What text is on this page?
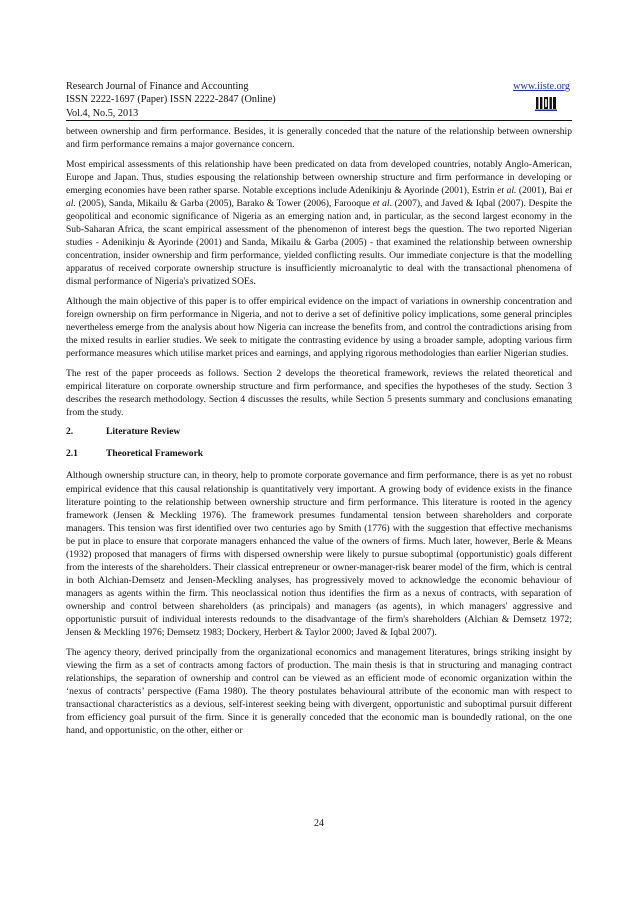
Research Journal of Finance and Accounting
ISSN 2222-1697 (Paper) ISSN 2222-2847 (Online)
Vol.4, No.5, 2013
www.iiste.org

between ownership and firm performance. Besides, it is generally conceded that the nature of the relationship between ownership and firm performance remains a major governance concern.

Most empirical assessments of this relationship have been predicated on data from developed countries, notably Anglo-American, Europe and Japan. Thus, studies espousing the relationship between ownership structure and firm performance in developing or emerging economies have been rather sparse. Notable exceptions include Adenikinju & Ayorinde (2001), Estrin et al. (2001), Bai et al. (2005), Sanda, Mikailu & Garba (2005), Barako & Tower (2006), Farooque et al. (2007), and Javed & Iqbal (2007). Despite the geopolitical and economic significance of Nigeria as an emerging nation and, in particular, as the second largest economy in the Sub-Saharan Africa, the scant empirical assessment of the phenomenon of interest begs the question. The two reported Nigerian studies - Adenikinju & Ayorinde (2001) and Sanda, Mikailu & Garba (2005) - that examined the relationship between ownership concentration, insider ownership and firm performance, yielded conflicting results. Our immediate conjecture is that the modelling apparatus of received corporate ownership structure is insufficiently microanalytic to deal with the transactional phenomena of dismal performance of Nigeria's privatized SOEs.

Although the main objective of this paper is to offer empirical evidence on the impact of variations in ownership concentration and foreign ownership on firm performance in Nigeria, and not to derive a set of definitive policy implications, some general principles nevertheless emerge from the analysis about how Nigeria can increase the benefits from, and control the contradictions arising from the mixed results in earlier studies. We seek to mitigate the contrasting evidence by using a broader sample, adopting various firm performance measures which utilise market prices and earnings, and applying rigorous methodologies than earlier Nigerian studies.

The rest of the paper proceeds as follows. Section 2 develops the theoretical framework, reviews the related theoretical and empirical literature on corporate ownership structure and firm performance, and specifies the hypotheses of the study. Section 3 describes the research methodology. Section 4 discusses the results, while Section 5 presents summary and conclusions emanating from the study.

2.	Literature Review
2.1	Theoretical Framework

Although ownership structure can, in theory, help to promote corporate governance and firm performance, there is as yet no robust empirical evidence that this causal relationship is quantitatively very important. A growing body of evidence exists in the finance literature pointing to the relationship between ownership structure and firm performance. This literature is rooted in the agency framework (Jensen & Meckling 1976). The framework presumes fundamental tension between shareholders and corporate managers. This tension was first identified over two centuries ago by Smith (1776) with the suggestion that effective mechanisms be put in place to ensure that corporate managers enhanced the value of the owners of firms. Much later, however, Berle & Means (1932) proposed that managers of firms with dispersed ownership were likely to pursue suboptimal (opportunistic) goals different from the interests of the shareholders. Their classical entrepreneur or owner-manager-risk bearer model of the firm, which is central in both Alchian-Demsetz and Jensen-Meckling analyses, has progressively moved to acknowledge the economic behaviour of managers as agents within the firm. This neoclassical notion thus identifies the firm as a nexus of contracts, with separation of ownership and control between shareholders (as principals) and managers (as agents), in which managers' aggressive and opportunistic pursuit of individual interests redounds to the disadvantage of the firm's shareholders (Alchian & Demsetz 1972; Jensen & Meckling 1976; Demsetz 1983; Dockery, Herbert & Taylor 2000; Javed & Iqbal 2007).

The agency theory, derived principally from the organizational economics and management literatures, brings striking insight by viewing the firm as a set of contracts among factors of production. The main thesis is that in structuring and managing contract relationships, the separation of ownership and control can be viewed as an efficient mode of economic organization within the ‘nexus of contracts’ perspective (Fama 1980). The theory postulates behavioural attribute of the economic man with respect to transactional characteristics as a devious, self-interest seeking being with divergent, opportunistic and suboptimal pursuit different from efficiency goal pursuit of the firm. Since it is generally conceded that the economic man is boundedly rational, on the one hand, and opportunistic, on the other, either or

24
